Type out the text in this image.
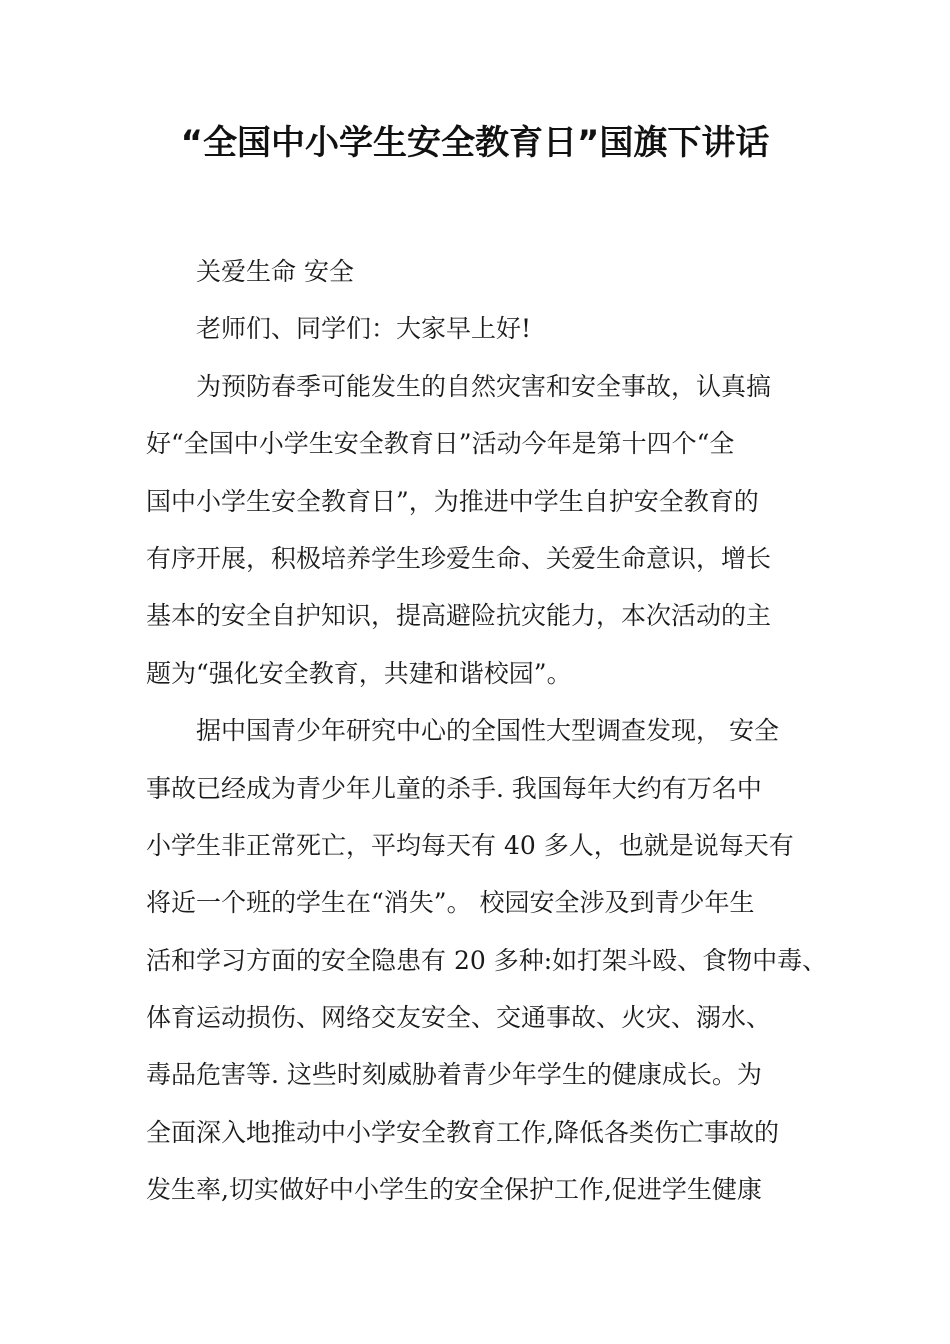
“全国中小学生安全教育日”国旗下讲话
关爱生命 安全
老师们、同学们：大家早上好!

为预防春季可能发生的自然灾害和安全事故，认真搞
好“全国中小学生安全教育日”活动今年是第十四个“全
国中小学生安全教育日”，为推进中学生自护安全教育的
有序开展，积极培养学生珍爱生命、关爱生命意识，增长
基本的安全自护知识，提高避险抗灾能力，本次活动的主
题为“强化安全教育，共建和谐校园”。

据中国青少年研究中心的全国性大型调查发现， 安全
事故已经成为青少年儿童的杀手. 我国每年大约有万名中
小学生非正常死亡，平均每天有 40 多人，也就是说每天有
将近一个班的学生在“消失”。 校园安全涉及到青少年生
活和学习方面的安全隐患有 20 多种:如打架斗殴、食物中毒、
体育运动损伤、网络交友安全、交通事故、火灾、溺水、
毒品危害等. 这些时刻威胁着青少年学生的健康成长。为
全面深入地推动中小学安全教育工作,降低各类伤亡事故的
发生率,切实做好中小学生的安全保护工作,促进学生健康
